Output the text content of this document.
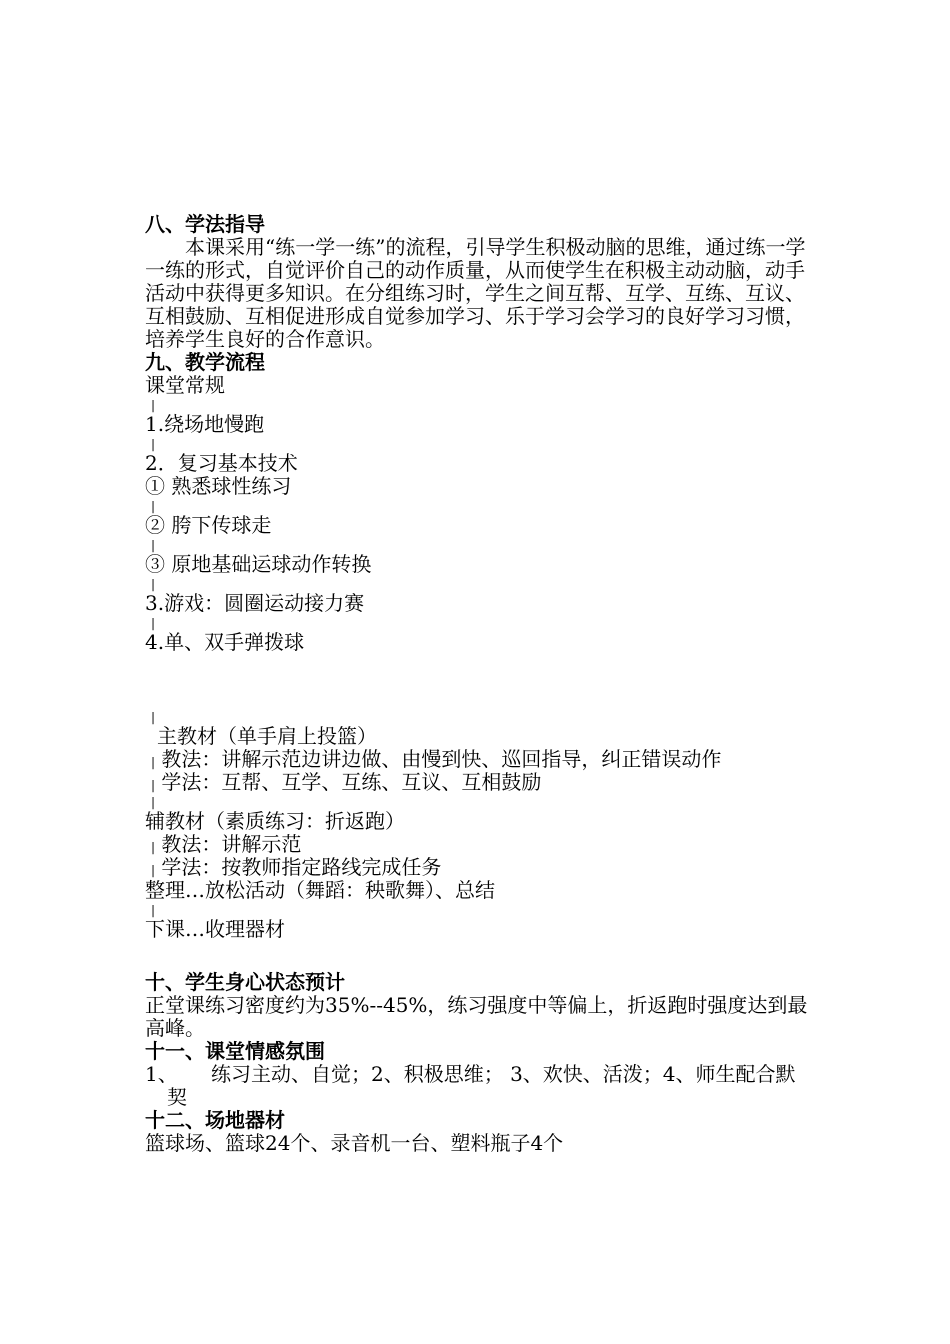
八、学法指导

本课采用“练一学一练”的流程，引导学生积极动脑的思维，通过练一学一练的形式，自觉评价自己的动作质量，从而使学生在积极主动动脑，动手活动中获得更多知识。在分组练习时，学生之间互帮、互学、互练、互议、互相鼓励、互相促进形成自觉参加学习、乐于学习会学习的良好学习习惯，培养学生良好的合作意识。

九、教学流程
课堂常规
|
1.绕场地慢跑
|
2．复习基本技术
① 熟悉球性练习
|
② 胯下传球走
|
③ 原地基础运球动作转换
|
3.游戏：圆圈运动接力赛
|
4.单、双手弹拨球
|
主教材（单手肩上投篮）
| 教法：讲解示范边讲边做、由慢到快、巡回指导，纠正错误动作
| 学法：互帮、互学、互练、互议、互相鼓励
|
辅教材（素质练习：折返跑）
| 教法：讲解示范
| 学法：按教师指定路线完成任务
整理…放松活动（舞蹈：秧歌舞）、总结
|
下课…收理器材
十、学生身心状态预计

正堂课练习密度约为35%--45%，练习强度中等偏上，折返跑时强度达到最高峰。

十一、课堂情感氛围

1、 练习主动、自觉；2、积极思维； 3、欢快、活泼；4、师生配合默契

十二、场地器材

篮球场、篮球24个、录音机一台、塑料瓶子4个
